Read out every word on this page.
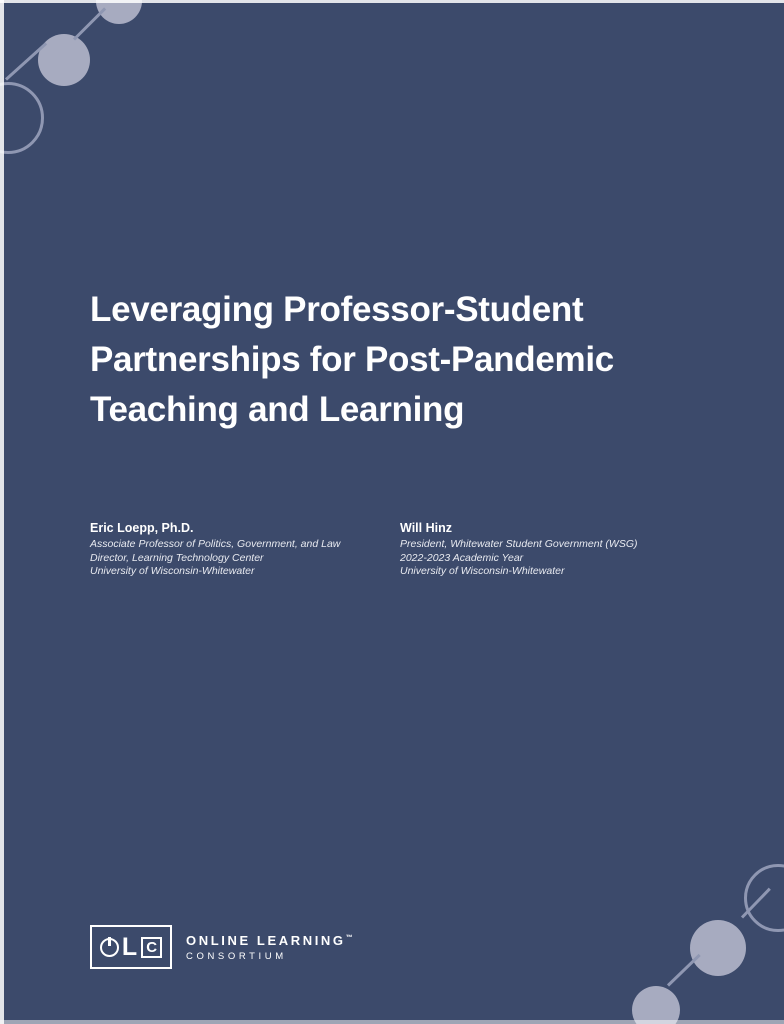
Leveraging Professor-Student Partnerships for Post-Pandemic Teaching and Learning
Eric Loepp, Ph.D.
Associate Professor of Politics, Government, and Law
Director, Learning Technology Center
University of Wisconsin-Whitewater
Will Hinz
President, Whitewater Student Government (WSG)
2022-2023 Academic Year
University of Wisconsin-Whitewater
L C ONLINE LEARNING™
CONSORTIUM
